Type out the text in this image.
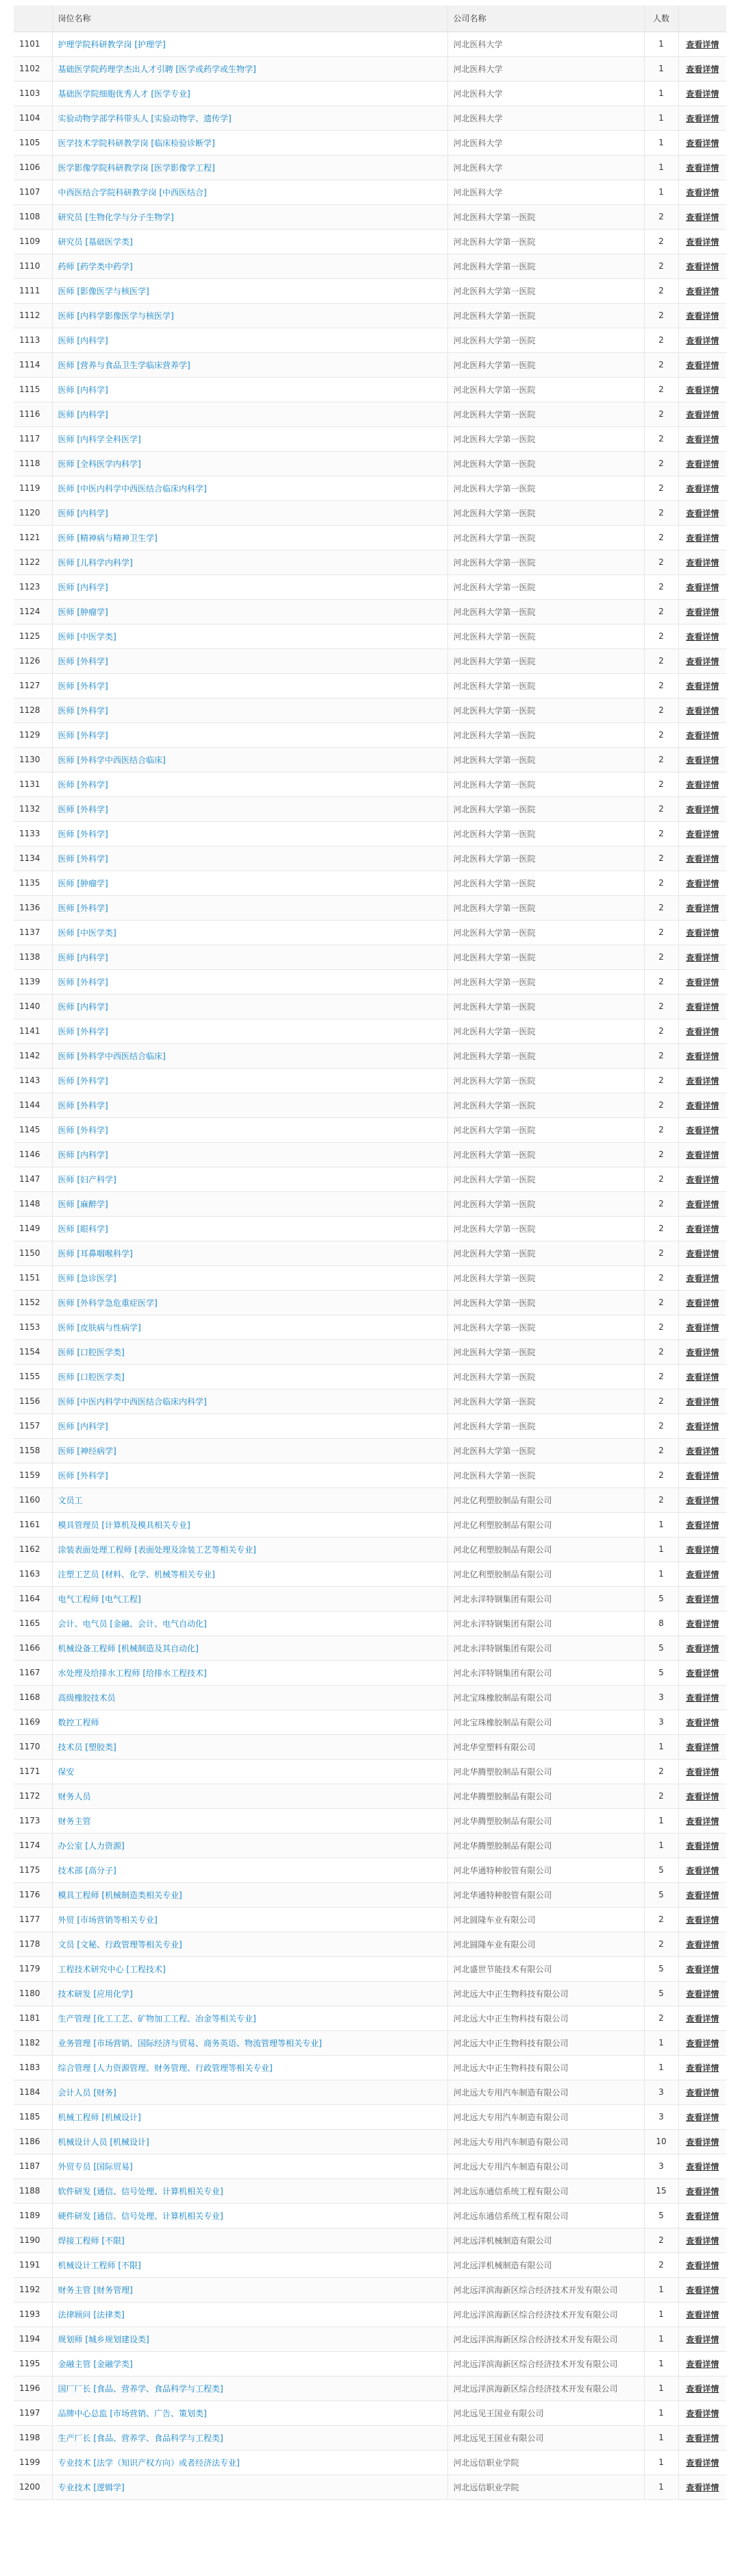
	岗位名称	公司名称	人数	
1101	护理学院科研教学岗 [护理学]	河北医科大学	1	查看详情
1102	基础医学院药理学杰出人才引聘 [医学或药学或生物学]	河北医科大学	1	查看详情
1103	基础医学院细胞优秀人才 [医学专业]	河北医科大学	1	查看详情
1104	实验动物学部学科带头人 [实验动物学、遗传学]	河北医科大学	1	查看详情
1105	医学技术学院科研教学岗 [临床检验诊断学]	河北医科大学	1	查看详情
1106	医学影像学院科研教学岗 [医学影像学工程]	河北医科大学	1	查看详情
1107	中西医结合学院科研教学岗 [中西医结合]	河北医科大学	1	查看详情
1108	研究员 [生物化学与分子生物学]	河北医科大学第一医院	2	查看详情
1109	研究员 [基础医学类]	河北医科大学第一医院	2	查看详情
1110	药师 [药学类中药学]	河北医科大学第一医院	2	查看详情
1111	医师 [影像医学与核医学]	河北医科大学第一医院	2	查看详情
1112	医师 [内科学影像医学与核医学]	河北医科大学第一医院	2	查看详情
1113	医师 [内科学]	河北医科大学第一医院	2	查看详情
1114	医师 [营养与食品卫生学临床营养学]	河北医科大学第一医院	2	查看详情
1115	医师 [内科学]	河北医科大学第一医院	2	查看详情
1116	医师 [内科学]	河北医科大学第一医院	2	查看详情
1117	医师 [内科学全科医学]	河北医科大学第一医院	2	查看详情
1118	医师 [全科医学内科学]	河北医科大学第一医院	2	查看详情
1119	医师 [中医内科学中西医结合临床内科学]	河北医科大学第一医院	2	查看详情
1120	医师 [内科学]	河北医科大学第一医院	2	查看详情
1121	医师 [精神病与精神卫生学]	河北医科大学第一医院	2	查看详情
1122	医师 [儿科学内科学]	河北医科大学第一医院	2	查看详情
1123	医师 [内科学]	河北医科大学第一医院	2	查看详情
1124	医师 [肿瘤学]	河北医科大学第一医院	2	查看详情
1125	医师 [中医学类]	河北医科大学第一医院	2	查看详情
1126	医师 [外科学]	河北医科大学第一医院	2	查看详情
1127	医师 [外科学]	河北医科大学第一医院	2	查看详情
1128	医师 [外科学]	河北医科大学第一医院	2	查看详情
1129	医师 [外科学]	河北医科大学第一医院	2	查看详情
1130	医师 [外科学中西医结合临床]	河北医科大学第一医院	2	查看详情
1131	医师 [外科学]	河北医科大学第一医院	2	查看详情
1132	医师 [外科学]	河北医科大学第一医院	2	查看详情
1133	医师 [外科学]	河北医科大学第一医院	2	查看详情
1134	医师 [外科学]	河北医科大学第一医院	2	查看详情
1135	医师 [肿瘤学]	河北医科大学第一医院	2	查看详情
1136	医师 [外科学]	河北医科大学第一医院	2	查看详情
1137	医师 [中医学类]	河北医科大学第一医院	2	查看详情
1138	医师 [内科学]	河北医科大学第一医院	2	查看详情
1139	医师 [外科学]	河北医科大学第一医院	2	查看详情
1140	医师 [内科学]	河北医科大学第一医院	2	查看详情
1141	医师 [外科学]	河北医科大学第一医院	2	查看详情
1142	医师 [外科学中西医结合临床]	河北医科大学第一医院	2	查看详情
1143	医师 [外科学]	河北医科大学第一医院	2	查看详情
1144	医师 [外科学]	河北医科大学第一医院	2	查看详情
1145	医师 [外科学]	河北医科大学第一医院	2	查看详情
1146	医师 [内科学]	河北医科大学第一医院	2	查看详情
1147	医师 [妇产科学]	河北医科大学第一医院	2	查看详情
1148	医师 [麻醉学]	河北医科大学第一医院	2	查看详情
1149	医师 [眼科学]	河北医科大学第一医院	2	查看详情
1150	医师 [耳鼻咽喉科学]	河北医科大学第一医院	2	查看详情
1151	医师 [急诊医学]	河北医科大学第一医院	2	查看详情
1152	医师 [外科学急危重症医学]	河北医科大学第一医院	2	查看详情
1153	医师 [皮肤病与性病学]	河北医科大学第一医院	2	查看详情
1154	医师 [口腔医学类]	河北医科大学第一医院	2	查看详情
1155	医师 [口腔医学类]	河北医科大学第一医院	2	查看详情
1156	医师 [中医内科学中西医结合临床内科学]	河北医科大学第一医院	2	查看详情
1157	医师 [内科学]	河北医科大学第一医院	2	查看详情
1158	医师 [神经病学]	河北医科大学第一医院	2	查看详情
1159	医师 [外科学]	河北医科大学第一医院	2	查看详情
1160	文员工	河北亿利塑胶制品有限公司	2	查看详情
1161	模具管理员 [计算机及模具相关专业]	河北亿利塑胶制品有限公司	1	查看详情
1162	涂装表面处理工程师 [表面处理及涂装工艺等相关专业]	河北亿利塑胶制品有限公司	1	查看详情
1163	注塑工艺员 [材料、化学、机械等相关专业]	河北亿利塑胶制品有限公司	1	查看详情
1164	电气工程师 [电气工程]	河北永洋特钢集团有限公司	5	查看详情
1165	会计、电气员 [金融、会计、电气自动化]	河北永洋特钢集团有限公司	8	查看详情
1166	机械设备工程师 [机械制造及其自动化]	河北永洋特钢集团有限公司	5	查看详情
1167	水处理及给排水工程师 [给排水工程技术]	河北永洋特钢集团有限公司	5	查看详情
1168	高级橡胶技术员	河北宝珠橡胶制品有限公司	3	查看详情
1169	数控工程师	河北宝珠橡胶制品有限公司	3	查看详情
1170	技术员 [塑胶类]	河北华堂塑料有限公司	1	查看详情
1171	保安	河北华腾塑胶制品有限公司	2	查看详情
1172	财务人员	河北华腾塑胶制品有限公司	2	查看详情
1173	财务主管	河北华腾塑胶制品有限公司	1	查看详情
1174	办公室 [人力资源]	河北华腾塑胶制品有限公司	1	查看详情
1175	技术部 [高分子]	河北华通特种胶管有限公司	5	查看详情
1176	模具工程师 [机械制造类相关专业]	河北华通特种胶管有限公司	5	查看详情
1177	外贸 [市场营销等相关专业]	河北圆隆车业有限公司	2	查看详情
1178	文员 [文秘、行政管理等相关专业]	河北圆隆车业有限公司	2	查看详情
1179	工程技术研究中心 [工程技术]	河北盛世节能技术有限公司	5	查看详情
1180	技术研发 [应用化学]	河北远大中正生物科技有限公司	5	查看详情
1181	生产管理 [化工工艺、矿物加工工程、冶金等相关专业]	河北远大中正生物科技有限公司	2	查看详情
1182	业务管理 [市场营销、国际经济与贸易、商务英语、物流管理等相关专业]	河北远大中正生物科技有限公司	1	查看详情
1183	综合管理 [人力资源管理、财务管理、行政管理等相关专业]	河北远大中正生物科技有限公司	1	查看详情
1184	会计人员 [财务]	河北远大专用汽车制造有限公司	3	查看详情
1185	机械工程师 [机械设计]	河北远大专用汽车制造有限公司	3	查看详情
1186	机械设计人员 [机械设计]	河北远大专用汽车制造有限公司	10	查看详情
1187	外贸专员 [国际贸易]	河北远大专用汽车制造有限公司	3	查看详情
1188	软件研发 [通信、信号处理、计算机相关专业]	河北远东通信系统工程有限公司	15	查看详情
1189	硬件研发 [通信、信号处理、计算机相关专业]	河北远东通信系统工程有限公司	5	查看详情
1190	焊接工程师 [不限]	河北远洋机械制造有限公司	2	查看详情
1191	机械设计工程师 [不限]	河北远洋机械制造有限公司	2	查看详情
1192	财务主管 [财务管理]	河北远洋滨海新区综合经济技术开发有限公司	1	查看详情
1193	法律顾问 [法律类]	河北远洋滨海新区综合经济技术开发有限公司	1	查看详情
1194	规划师 [城乡规划建设类]	河北远洋滨海新区综合经济技术开发有限公司	1	查看详情
1195	金融主管 [金融学类]	河北远洋滨海新区综合经济技术开发有限公司	1	查看详情
1196	国厂厂长 [食品、营养学、食品科学与工程类]	河北远洋滨海新区综合经济技术开发有限公司	1	查看详情
1197	品牌中心总监 [市场营销、广告、策划类]	河北远见王国业有限公司	1	查看详情
1198	生产厂长 [食品、营养学、食品科学与工程类]	河北远见王国业有限公司	1	查看详情
1199	专业技术 [法学（知识产权方向）或者经济法专业]	河北远信职业学院	1	查看详情
1200	专业技术 [逻辑学]	河北远信职业学院	1	查看详情
